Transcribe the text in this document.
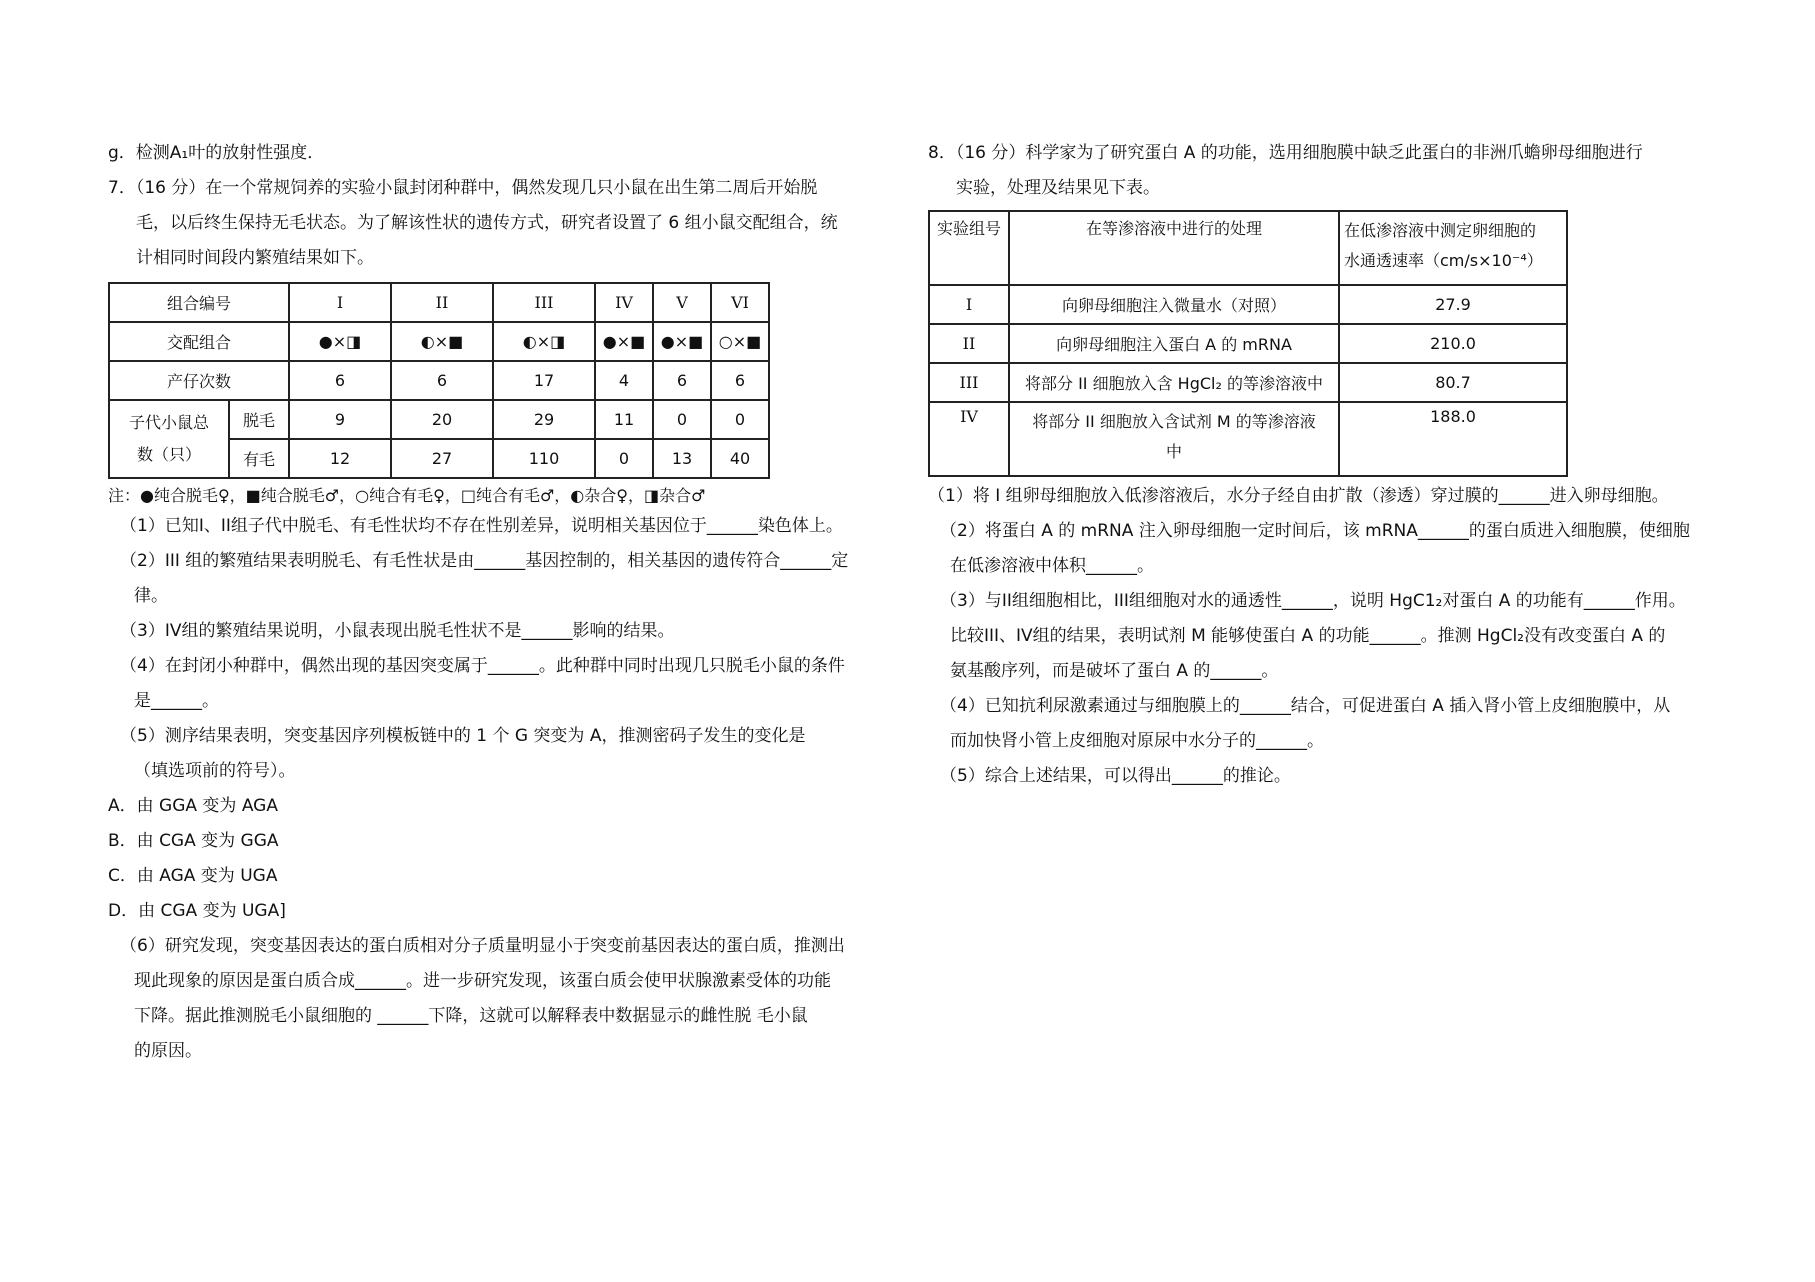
g．检测A₁叶的放射性强度．
7．（16 分）在一个常规饲养的实验小鼠封闭种群中，偶然发现几只小鼠在出生第二周后开始脱
毛，以后终生保持无毛状态。为了解该性状的遗传方式，研究者设置了 6 组小鼠交配组合，统
计相同时间段内繁殖结果如下。
组合编号		I	II	III	IV	V	VI
交配组合		●×◨	◐×■	◐×◨	●×■	●×■	○×■
产仔次数		6	6	17	4	6	6

子代小鼠总
数（只）	脱毛	9	20	29	11	0	0
	有毛	12	27	110	0	13	40
注：●纯合脱毛♀，■纯合脱毛♂，○纯合有毛♀，□纯合有毛♂，◐杂合♀，◨杂合♂
（1）已知I、II组子代中脱毛、有毛性状均不存在性别差异，说明相关基因位于______染色体上。
（2）III 组的繁殖结果表明脱毛、有毛性状是由______基因控制的，相关基因的遗传符合______定
律。
（3）IV组的繁殖结果说明，小鼠表现出脱毛性状不是______影响的结果。
（4）在封闭小种群中，偶然出现的基因突变属于______。此种群中同时出现几只脱毛小鼠的条件
是______。
（5）测序结果表明，突变基因序列模板链中的 1 个 G 突变为 A，推测密码子发生的变化是
（填选项前的符号）。
A．由 GGA 变为 AGA
B．由 CGA 变为 GGA
C．由 AGA 变为 UGA
D．由 CGA 变为 UGA]
（6）研究发现，突变基因表达的蛋白质相对分子质量明显小于突变前基因表达的蛋白质，推测出
现此现象的原因是蛋白质合成______。进一步研究发现，该蛋白质会使甲状腺激素受体的功能
下降。据此推测脱毛小鼠细胞的 ______下降，这就可以解释表中数据显示的雌性脱 毛小鼠
的原因。
8．（16 分）科学家为了研究蛋白 A 的功能，选用细胞膜中缺乏此蛋白的非洲爪蟾卵母细胞进行
实验，处理及结果见下表。
实验组号	在等渗溶液中进行的处理	在低渗溶液中测定卵细胞的
水通透速率（cm/s×10⁻⁴）

I	向卵母细胞注入微量水（对照）	27.9
II	向卵母细胞注入蛋白 A 的 mRNA	210.0
III	将部分 II 细胞放入含 HgCl₂ 的等渗溶液中	80.7
IV	将部分 II 细胞放入含试剂 M 的等渗溶液
中	188.0
（1）将 I 组卵母细胞放入低渗溶液后，水分子经自由扩散（渗透）穿过膜的______进入卵母细胞。
（2）将蛋白 A 的 mRNA 注入卵母细胞一定时间后，该 mRNA______的蛋白质进入细胞膜，使细胞
在低渗溶液中体积______。
（3）与II组细胞相比，III组细胞对水的通透性______，说明 HgC1₂对蛋白 A 的功能有______作用。
比较III、IV组的结果，表明试剂 M 能够使蛋白 A 的功能______。推测 HgCl₂没有改变蛋白 A 的
氨基酸序列，而是破坏了蛋白 A 的______。
（4）已知抗利尿激素通过与细胞膜上的______结合，可促进蛋白 A 插入肾小管上皮细胞膜中，从
而加快肾小管上皮细胞对原尿中水分子的______。
（5）综合上述结果，可以得出______的推论。
